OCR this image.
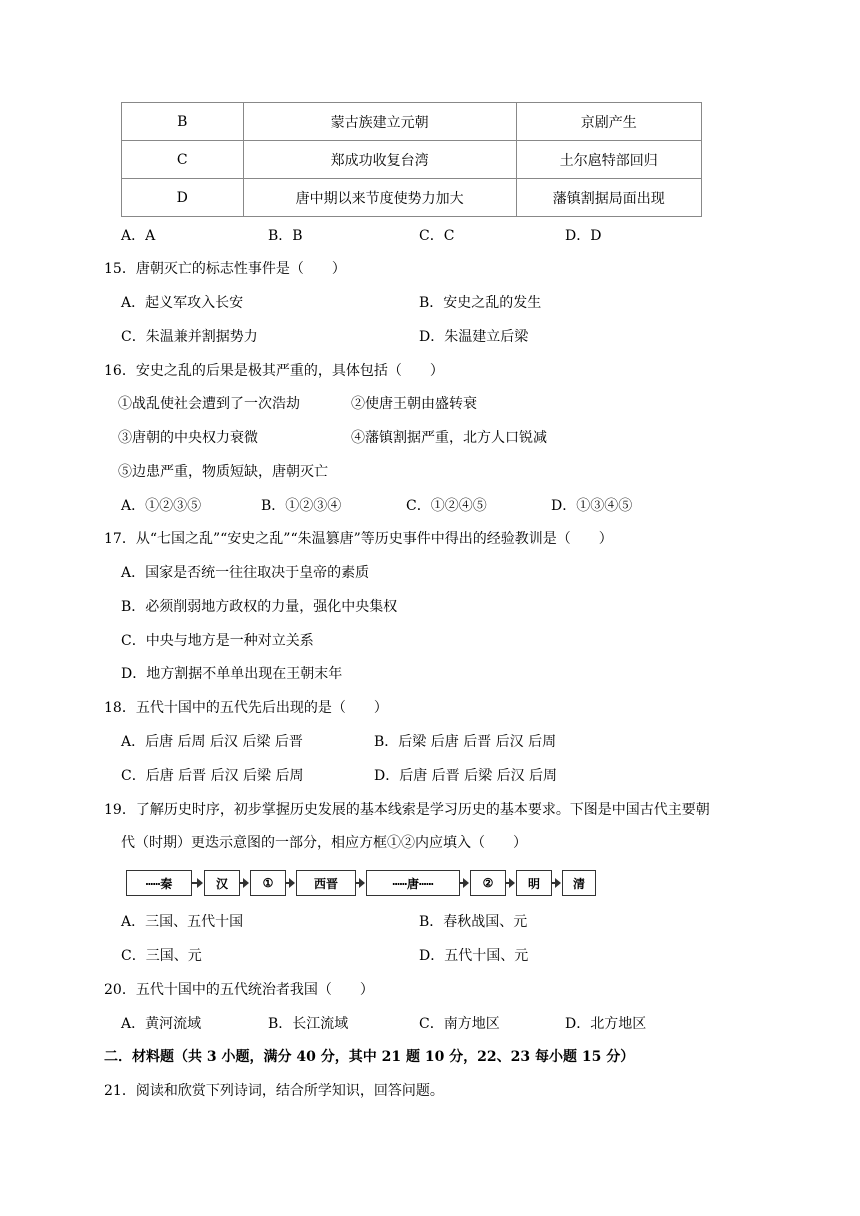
B	蒙古族建立元朝	京剧产生
C	郑成功收复台湾	土尔扈特部回归
D	唐中期以来节度使势力加大	藩镇割据局面出现
A．A	B．B	C．C	D．D
15．唐朝灭亡的标志性事件是（　　）
A．起义军攻入长安	B．安史之乱的发生
C．朱温兼并割据势力	D．朱温建立后梁
16．安史之乱的后果是极其严重的，具体包括（　　）
①战乱使社会遭到了一次浩劫	②使唐王朝由盛转衰
③唐朝的中央权力衰微	④藩镇割据严重，北方人口锐减
⑤边患严重，物质短缺，唐朝灭亡
A．①②③⑤	B．①②③④	C．①②④⑤	D．①③④⑤
17．从“七国之乱”“安史之乱”“朱温篡唐”等历史事件中得出的经验教训是（　　）
A．国家是否统一往往取决于皇帝的素质
B．必须削弱地方政权的力量，强化中央集权
C．中央与地方是一种对立关系
D．地方割据不单单出现在王朝末年
18．五代十国中的五代先后出现的是（　　）
A．后唐 后周 后汉 后梁 后晋	B．后梁 后唐 后晋 后汉 后周
C．后唐 后晋 后汉 后梁 后周	D．后唐 后晋 后梁 后汉 后周
19．了解历史时序，初步掌握历史发展的基本线索是学习历史的基本要求。下图是中国古代主要朝
代（时期）更迭示意图的一部分，相应方框①②内应填入（　　）
┅┅秦	汉	①	西晋	┅┅唐┅┅	②	明	清
A．三国、五代十国	B．春秋战国、元
C．三国、元	D．五代十国、元
20．五代十国中的五代统治者我国（　　）
A．黄河流域	B．长江流域	C．南方地区	D．北方地区
二．材料题（共 3 小题，满分 40 分，其中 21 题 10 分，22、23 每小题 15 分）
21．阅读和欣赏下列诗词，结合所学知识，回答问题。
